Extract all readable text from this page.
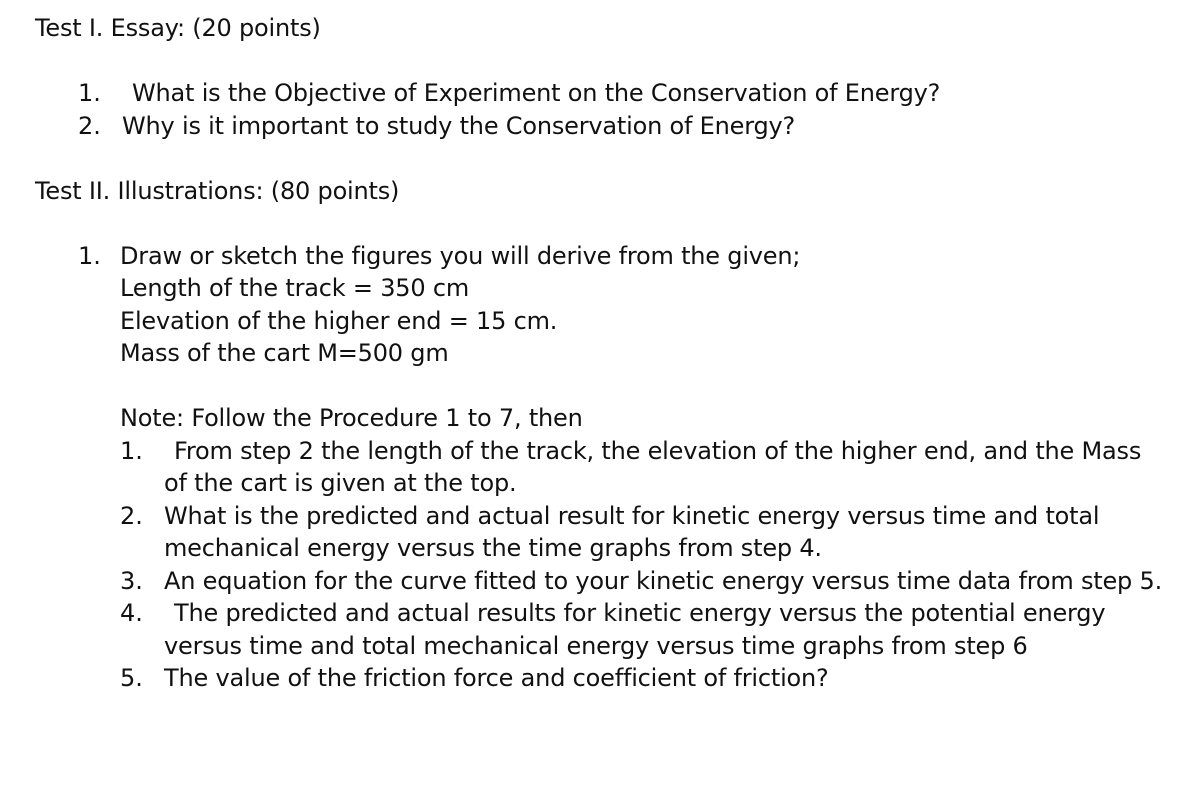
Test I. Essay: (20 points)
1. What is the Objective of Experiment on the Conservation of Energy?
2. Why is it important to study the Conservation of Energy?
Test II. Illustrations: (80 points)
1. Draw or sketch the figures you will derive from the given;
Length of the track = 350 cm
Elevation of the higher end = 15 cm.
Mass of the cart M=500 gm
Note: Follow the Procedure 1 to 7, then
1. From step 2 the length of the track, the elevation of the higher end, and the Mass
of the cart is given at the top.
2. What is the predicted and actual result for kinetic energy versus time and total
mechanical energy versus the time graphs from step 4.
3. An equation for the curve fitted to your kinetic energy versus time data from step 5.
4. The predicted and actual results for kinetic energy versus the potential energy
versus time and total mechanical energy versus time graphs from step 6
5. The value of the friction force and coefficient of friction?
